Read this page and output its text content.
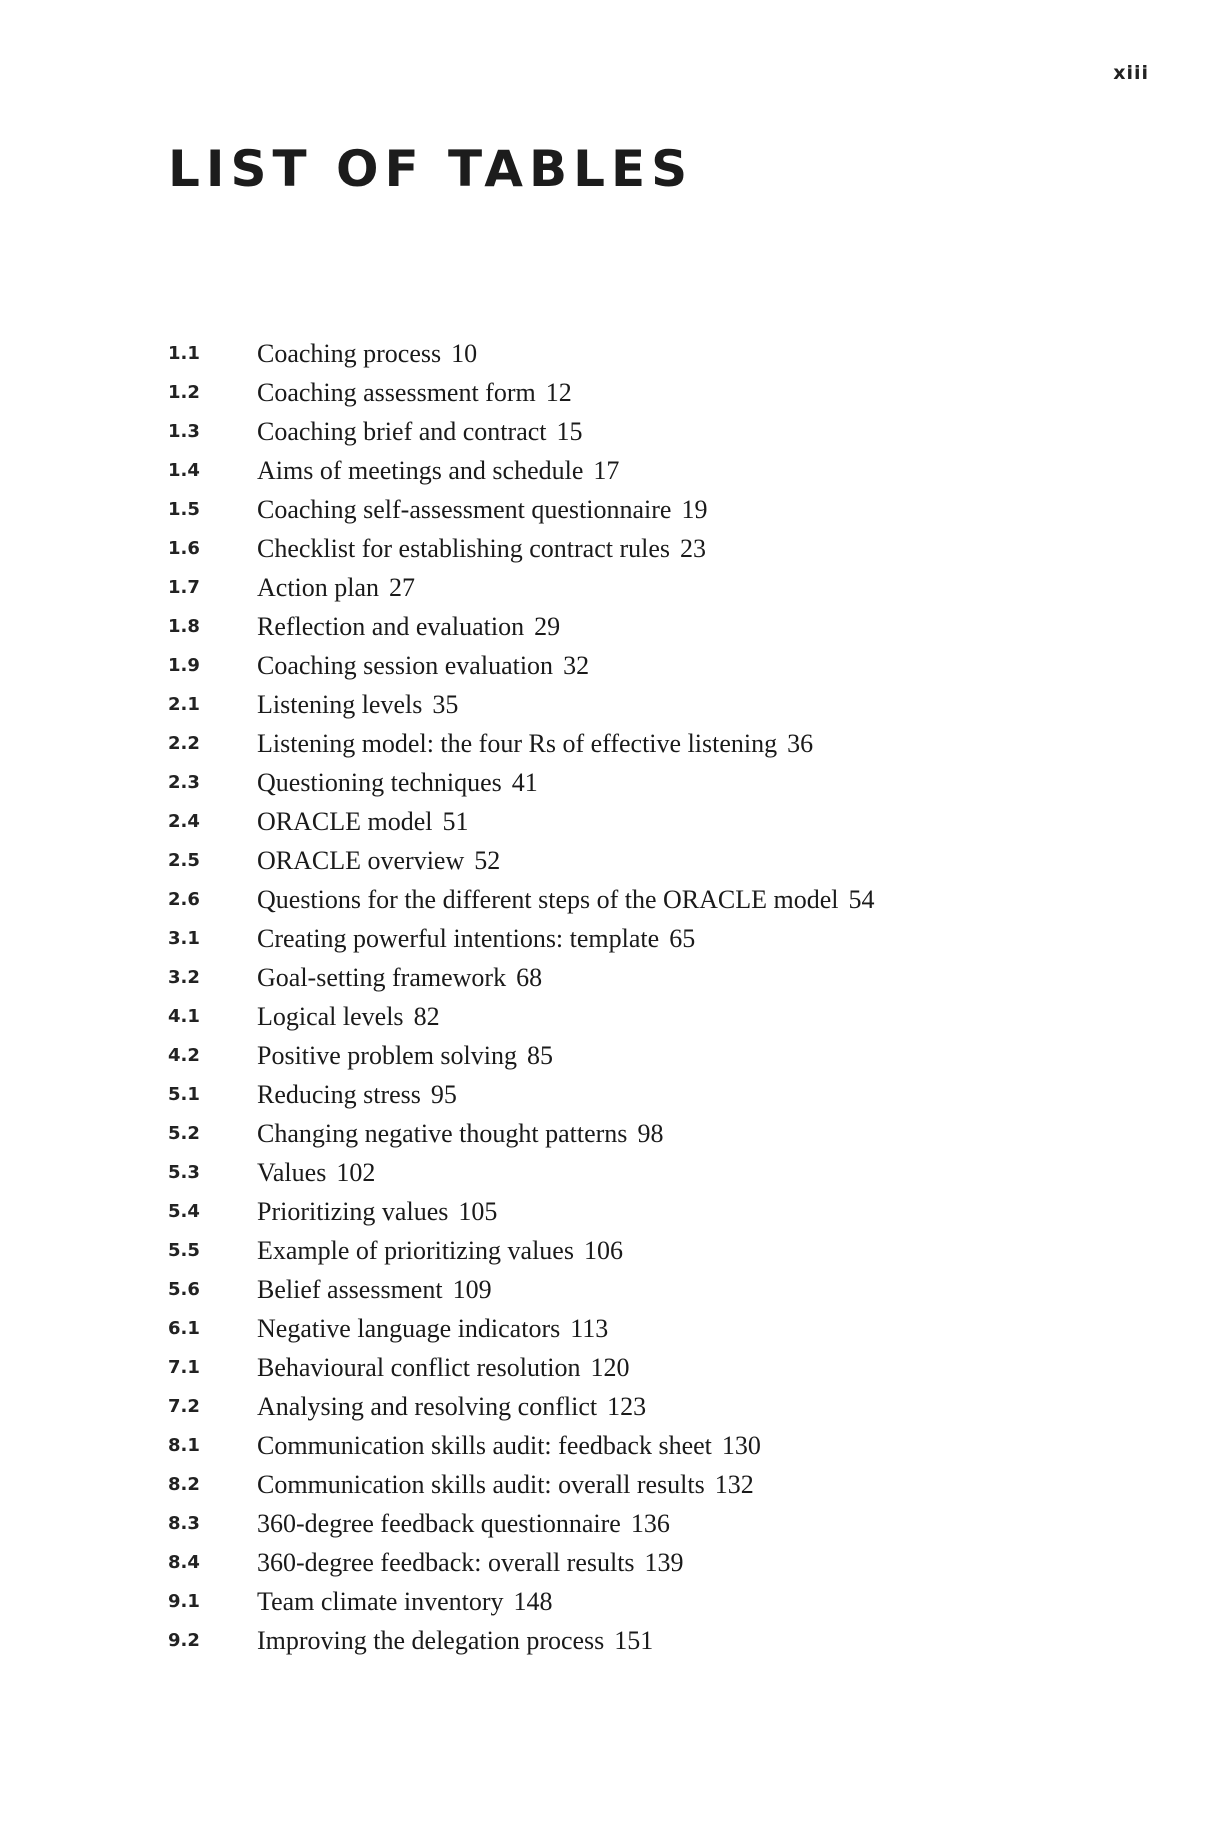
xiii
LIST OF TABLES
1.1	Coaching process 10
1.2	Coaching assessment form 12
1.3	Coaching brief and contract 15
1.4	Aims of meetings and schedule 17
1.5	Coaching self-assessment questionnaire 19
1.6	Checklist for establishing contract rules 23
1.7	Action plan 27
1.8	Reflection and evaluation 29
1.9	Coaching session evaluation 32
2.1	Listening levels 35
2.2	Listening model: the four Rs of effective listening 36
2.3	Questioning techniques 41
2.4	ORACLE model 51
2.5	ORACLE overview 52
2.6	Questions for the different steps of the ORACLE model 54
3.1	Creating powerful intentions: template 65
3.2	Goal-setting framework 68
4.1	Logical levels 82
4.2	Positive problem solving 85
5.1	Reducing stress 95
5.2	Changing negative thought patterns 98
5.3	Values 102
5.4	Prioritizing values 105
5.5	Example of prioritizing values 106
5.6	Belief assessment 109
6.1	Negative language indicators 113
7.1	Behavioural conflict resolution 120
7.2	Analysing and resolving conflict 123
8.1	Communication skills audit: feedback sheet 130
8.2	Communication skills audit: overall results 132
8.3	360-degree feedback questionnaire 136
8.4	360-degree feedback: overall results 139
9.1	Team climate inventory 148
9.2	Improving the delegation process 151
